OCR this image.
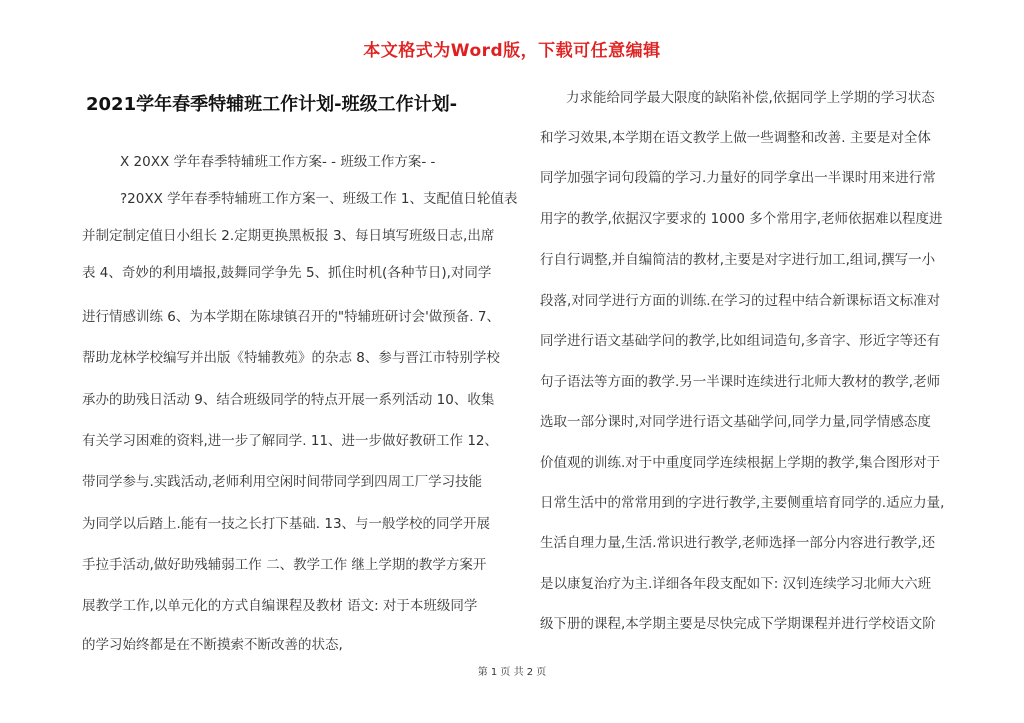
本文格式为Word版，下载可任意编辑
2021学年春季特辅班工作计划-班级工作计划-
X 20XX 学年春季特辅班工作方案- - 班级工作方案- -
?20XX 学年春季特辅班工作方案一、班级工作 1、支配值日轮值表
并制定制定值日小组长 2.定期更换黑板报 3、每日填写班级日志,出席
表 4、奇妙的利用墙报,鼓舞同学争先 5、抓住时机(各种节日),对同学
进行情感训练 6、为本学期在陈埭镇召开的"特辅班研讨会'做预备. 7、
帮助龙林学校编写并出版《特辅教苑》的杂志 8、参与晋江市特别学校
承办的助残日活动 9、结合班级同学的特点开展一系列活动 10、收集
有关学习困难的资料,进一步了解同学. 11、进一步做好教研工作 12、
带同学参与.实践活动,老师利用空闲时间带同学到四周工厂学习技能
为同学以后踏上.能有一技之长打下基础. 13、与一般学校的同学开展
手拉手活动,做好助残辅弱工作 二、教学工作 继上学期的教学方案开
展教学工作,以单元化的方式自编课程及教材 语文: 对于本班级同学
的学习始终都是在不断摸索不断改善的状态,
力求能给同学最大限度的缺陷补偿,依据同学上学期的学习状态
和学习效果,本学期在语文教学上做一些调整和改善. 主要是对全体
同学加强字词句段篇的学习.力量好的同学拿出一半课时用来进行常
用字的教学,依据汉字要求的 1000 多个常用字,老师依据难以程度进
行自行调整,并自编简洁的教材,主要是对字进行加工,组词,撰写一小
段落,对同学进行方面的训练.在学习的过程中结合新课标语文标准对
同学进行语文基础学问的教学,比如组词造句,多音字、形近字等还有
句子语法等方面的教学.另一半课时连续进行北师大教材的教学,老师
选取一部分课时,对同学进行语文基础学问,同学力量,同学情感态度
价值观的训练.对于中重度同学连续根据上学期的教学,集合图形对于
日常生活中的常常用到的字进行教学,主要侧重培育同学的.适应力量,
生活自理力量,生活.常识进行教学,老师选择一部分内容进行教学,还
是以康复治疗为主.详细各年段支配如下: 汉钊连续学习北师大六班
级下册的课程,本学期主要是尽快完成下学期课程并进行学校语文阶
第 1 页 共 2 页
